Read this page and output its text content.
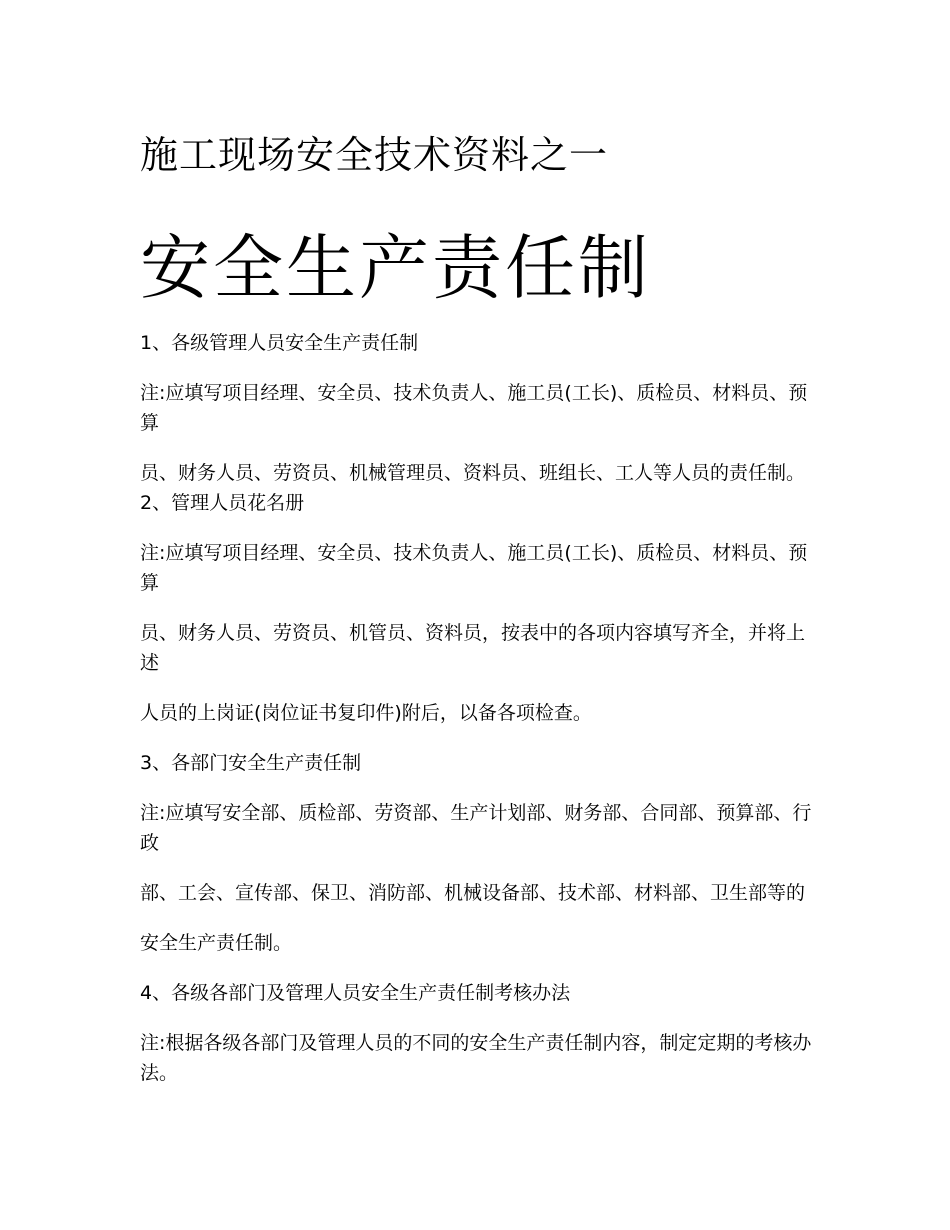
施工现场安全技术资料之一
安全生产责任制

1、各级管理人员安全生产责任制

注:应填写项目经理、安全员、技术负责人、施工员(工长)、质检员、材料员、预算

员、财务人员、劳资员、机械管理员、资料员、班组长、工人等人员的责任制。 2、管理人员花名册

注:应填写项目经理、安全员、技术负责人、施工员(工长)、质检员、材料员、预算

员、财务人员、劳资员、机管员、资料员，按表中的各项内容填写齐全，并将上述

人员的上岗证(岗位证书复印件)附后，以备各项检查。

3、各部门安全生产责任制

注:应填写安全部、质检部、劳资部、生产计划部、财务部、合同部、预算部、行政

部、工会、宣传部、保卫、消防部、机械设备部、技术部、材料部、卫生部等的

安全生产责任制。

4、各级各部门及管理人员安全生产责任制考核办法

注:根据各级各部门及管理人员的不同的安全生产责任制内容，制定定期的考核办法。
